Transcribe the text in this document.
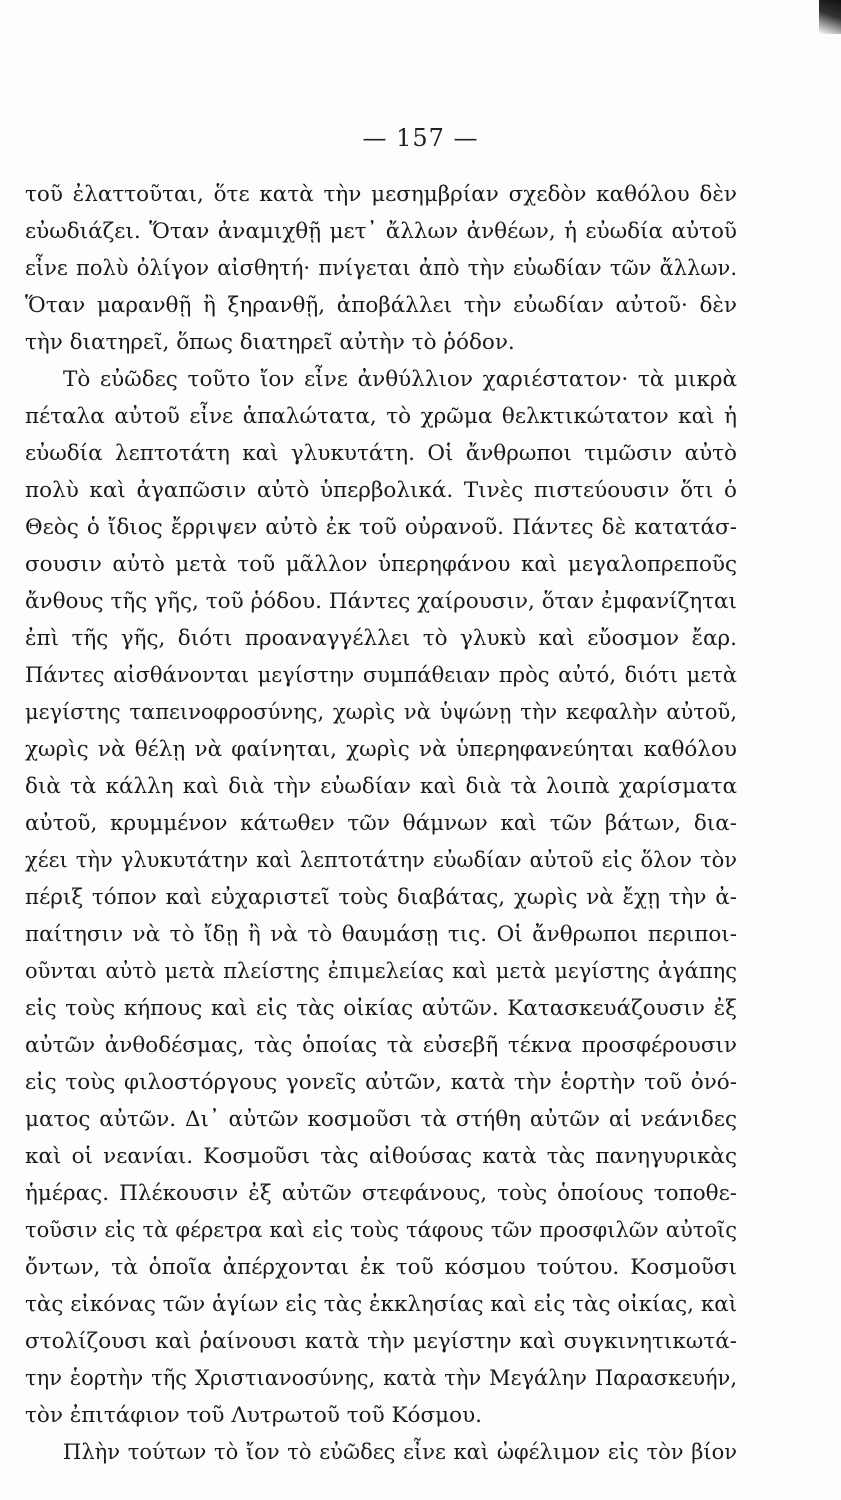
— 157 —
τοῦ ἐλαττοῦται, ὅτε κατὰ τὴν μεσημβρίαν σχεδὸν καθόλου δὲν
εὐωδιάζει. Ὅταν ἀναμιχθῇ μετ᾿ ἄλλων ἀνθέων, ἡ εὐωδία αὐτοῦ
εἶνε πολὺ ὀλίγον αἰσθητή· πνίγεται ἀπὸ τὴν εὐωδίαν τῶν ἄλλων.
Ὅταν μαρανθῇ ἢ ξηρανθῇ, ἀποβάλλει τὴν εὐωδίαν αὐτοῦ· δὲν
τὴν διατηρεῖ, ὅπως διατηρεῖ αὐτὴν τὸ ῥόδον.
Τὸ εὐῶδες τοῦτο ἴον εἶνε ἀνθύλλιον χαριέστατον· τὰ μικρὰ
πέταλα αὐτοῦ εἶνε ἁπαλώτατα, τὸ χρῶμα θελκτικώτατον καὶ ἡ
εὐωδία λεπτοτάτη καὶ γλυκυτάτη. Οἱ ἄνθρωποι τιμῶσιν αὐτὸ
πολὺ καὶ ἀγαπῶσιν αὐτὸ ὑπερβολικά. Τινὲς πιστεύουσιν ὅτι ὁ
Θεὸς ὁ ἴδιος ἔρριψεν αὐτὸ ἐκ τοῦ οὐρανοῦ. Πάντες δὲ κατατάσ-
σουσιν αὐτὸ μετὰ τοῦ μᾶλλον ὑπερηφάνου καὶ μεγαλοπρεποῦς
ἄνθους τῆς γῆς, τοῦ ῥόδου. Πάντες χαίρουσιν, ὅταν ἐμφανίζηται
ἐπὶ τῆς γῆς, διότι προαναγγέλλει τὸ γλυκὺ καὶ εὔοσμον ἔαρ.
Πάντες αἰσθάνονται μεγίστην συμπάθειαν πρὸς αὐτό, διότι μετὰ
μεγίστης ταπεινοφροσύνης, χωρὶς νὰ ὑψώνῃ τὴν κεφαλὴν αὐτοῦ,
χωρὶς νὰ θέλῃ νὰ φαίνηται, χωρὶς νὰ ὑπερηφανεύηται καθόλου
διὰ τὰ κάλλη καὶ διὰ τὴν εὐωδίαν καὶ διὰ τὰ λοιπὰ χαρίσματα
αὐτοῦ, κρυμμένον κάτωθεν τῶν θάμνων καὶ τῶν βάτων, δια-
χέει τὴν γλυκυτάτην καὶ λεπτοτάτην εὐωδίαν αὐτοῦ εἰς ὅλον τὸν
πέριξ τόπον καὶ εὐχαριστεῖ τοὺς διαβάτας, χωρὶς νὰ ἔχῃ τὴν ἀ-
παίτησιν νὰ τὸ ἴδῃ ἢ νὰ τὸ θαυμάσῃ τις. Οἱ ἄνθρωποι περιποι-
οῦνται αὐτὸ μετὰ πλείστης ἐπιμελείας καὶ μετὰ μεγίστης ἀγάπης
εἰς τοὺς κήπους καὶ εἰς τὰς οἰκίας αὐτῶν. Κατασκευάζουσιν ἐξ
αὐτῶν ἀνθοδέσμας, τὰς ὁποίας τὰ εὐσεβῆ τέκνα προσφέρουσιν
εἰς τοὺς φιλοστόργους γονεῖς αὐτῶν, κατὰ τὴν ἑορτὴν τοῦ ὀνό-
ματος αὐτῶν. Δι᾿ αὐτῶν κοσμοῦσι τὰ στήθη αὐτῶν αἱ νεάνιδες
καὶ οἱ νεανίαι. Κοσμοῦσι τὰς αἰθούσας κατὰ τὰς πανηγυρικὰς
ἡμέρας. Πλέκουσιν ἐξ αὐτῶν στεφάνους, τοὺς ὁποίους τοποθε-
τοῦσιν εἰς τὰ φέρετρα καὶ εἰς τοὺς τάφους τῶν προσφιλῶν αὐτοῖς
ὄντων, τὰ ὁποῖα ἀπέρχονται ἐκ τοῦ κόσμου τούτου. Κοσμοῦσι
τὰς εἰκόνας τῶν ἁγίων εἰς τὰς ἐκκλησίας καὶ εἰς τὰς οἰκίας, καὶ
στολίζουσι καὶ ῥαίνουσι κατὰ τὴν μεγίστην καὶ συγκινητικωτά-
την ἑορτὴν τῆς Χριστιανοσύνης, κατὰ τὴν Μεγάλην Παρασκευήν,
τὸν ἐπιτάφιον τοῦ Λυτρωτοῦ τοῦ Κόσμου.
Πλὴν τούτων τὸ ἴον τὸ εὐῶδες εἶνε καὶ ὠφέλιμον εἰς τὸν βίον
